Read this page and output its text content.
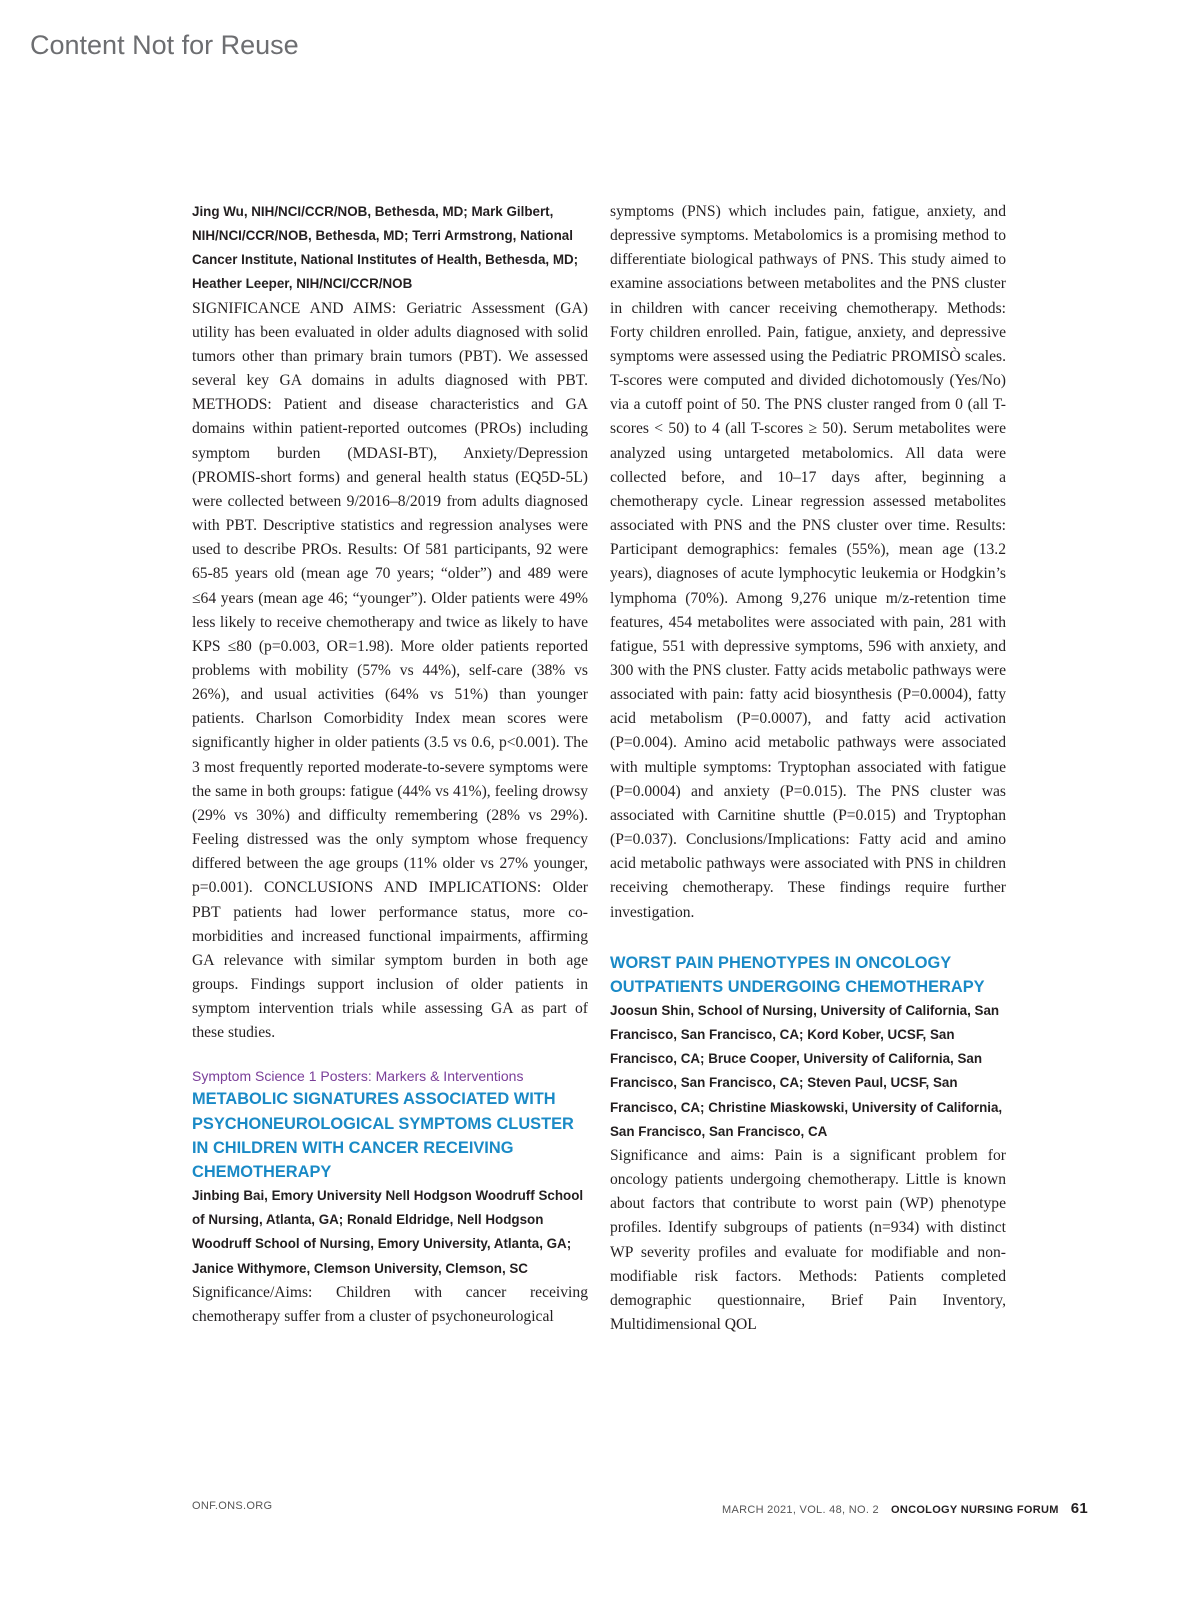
Content Not for Reuse
Jing Wu, NIH/NCI/CCR/NOB, Bethesda, MD; Mark Gilbert, NIH/NCI/CCR/NOB, Bethesda, MD; Terri Armstrong, National Cancer Institute, National Institutes of Health, Bethesda, MD; Heather Leeper, NIH/NCI/CCR/NOB

SIGNIFICANCE AND AIMS: Geriatric Assessment (GA) utility has been evaluated in older adults diagnosed with solid tumors other than primary brain tumors (PBT). We assessed several key GA domains in adults diagnosed with PBT. METHODS: Patient and disease characteristics and GA domains within patient-reported outcomes (PROs) including symptom burden (MDASI-BT), Anxiety/Depression (PROMIS-short forms) and general health status (EQ5D-5L) were collected between 9/2016–8/2019 from adults diagnosed with PBT. Descriptive statistics and regression analyses were used to describe PROs. Results: Of 581 participants, 92 were 65-85 years old (mean age 70 years; “older”) and 489 were ≤64 years (mean age 46; “younger”). Older patients were 49% less likely to receive chemotherapy and twice as likely to have KPS ≤80 (p=0.003, OR=1.98). More older patients reported problems with mobility (57% vs 44%), self-care (38% vs 26%), and usual activities (64% vs 51%) than younger patients. Charlson Comorbidity Index mean scores were significantly higher in older patients (3.5 vs 0.6, p<0.001). The 3 most frequently reported moderate-to-severe symptoms were the same in both groups: fatigue (44% vs 41%), feeling drowsy (29% vs 30%) and difficulty remembering (28% vs 29%). Feeling distressed was the only symptom whose frequency differed between the age groups (11% older vs 27% younger, p=0.001). CONCLUSIONS AND IMPLICATIONS: Older PBT patients had lower performance status, more co-morbidities and increased functional impairments, affirming GA relevance with similar symptom burden in both age groups. Findings support inclusion of older patients in symptom intervention trials while assessing GA as part of these studies.

Symptom Science 1 Posters: Markers & Interventions
METABOLIC SIGNATURES ASSOCIATED WITH PSYCHONEUROLOGICAL SYMPTOMS CLUSTER IN CHILDREN WITH CANCER RECEIVING CHEMOTHERAPY
Jinbing Bai, Emory University Nell Hodgson Woodruff School of Nursing, Atlanta, GA; Ronald Eldridge, Nell Hodgson Woodruff School of Nursing, Emory University, Atlanta, GA; Janice Withymore, Clemson University, Clemson, SC

Significance/Aims: Children with cancer receiving chemotherapy suffer from a cluster of psychoneurological

symptoms (PNS) which includes pain, fatigue, anxiety, and depressive symptoms. Metabolomics is a promising method to differentiate biological pathways of PNS. This study aimed to examine associations between metabolites and the PNS cluster in children with cancer receiving chemotherapy. Methods: Forty children enrolled. Pain, fatigue, anxiety, and depressive symptoms were assessed using the Pediatric PROMISÒ scales. T-scores were computed and divided dichotomously (Yes/No) via a cutoff point of 50. The PNS cluster ranged from 0 (all T-scores < 50) to 4 (all T-scores ≥ 50). Serum metabolites were analyzed using untargeted metabolomics. All data were collected before, and 10–17 days after, beginning a chemotherapy cycle. Linear regression assessed metabolites associated with PNS and the PNS cluster over time. Results: Participant demographics: females (55%), mean age (13.2 years), diagnoses of acute lymphocytic leukemia or Hodgkin’s lymphoma (70%). Among 9,276 unique m/z-retention time features, 454 metabolites were associated with pain, 281 with fatigue, 551 with depressive symptoms, 596 with anxiety, and 300 with the PNS cluster. Fatty acids metabolic pathways were associated with pain: fatty acid biosynthesis (P=0.0004), fatty acid metabolism (P=0.0007), and fatty acid activation (P=0.004). Amino acid metabolic pathways were associated with multiple symptoms: Tryptophan associated with fatigue (P=0.0004) and anxiety (P=0.015). The PNS cluster was associated with Carnitine shuttle (P=0.015) and Tryptophan (P=0.037). Conclusions/Implications: Fatty acid and amino acid metabolic pathways were associated with PNS in children receiving chemotherapy. These findings require further investigation.

WORST PAIN PHENOTYPES IN ONCOLOGY OUTPATIENTS UNDERGOING CHEMOTHERAPY
Joosun Shin, School of Nursing, University of California, San Francisco, San Francisco, CA; Kord Kober, UCSF, San Francisco, CA; Bruce Cooper, University of California, San Francisco, San Francisco, CA; Steven Paul, UCSF, San Francisco, CA; Christine Miaskowski, University of California, San Francisco, San Francisco, CA

Significance and aims: Pain is a significant problem for oncology patients undergoing chemotherapy. Little is known about factors that contribute to worst pain (WP) phenotype profiles. Identify subgroups of patients (n=934) with distinct WP severity profiles and evaluate for modifiable and non-modifiable risk factors. Methods: Patients completed demographic questionnaire, Brief Pain Inventory, Multidimensional QOL

ONF.ONS.ORG	MARCH 2021, VOL. 48, NO. 2 ONCOLOGY NURSING FORUM 61
